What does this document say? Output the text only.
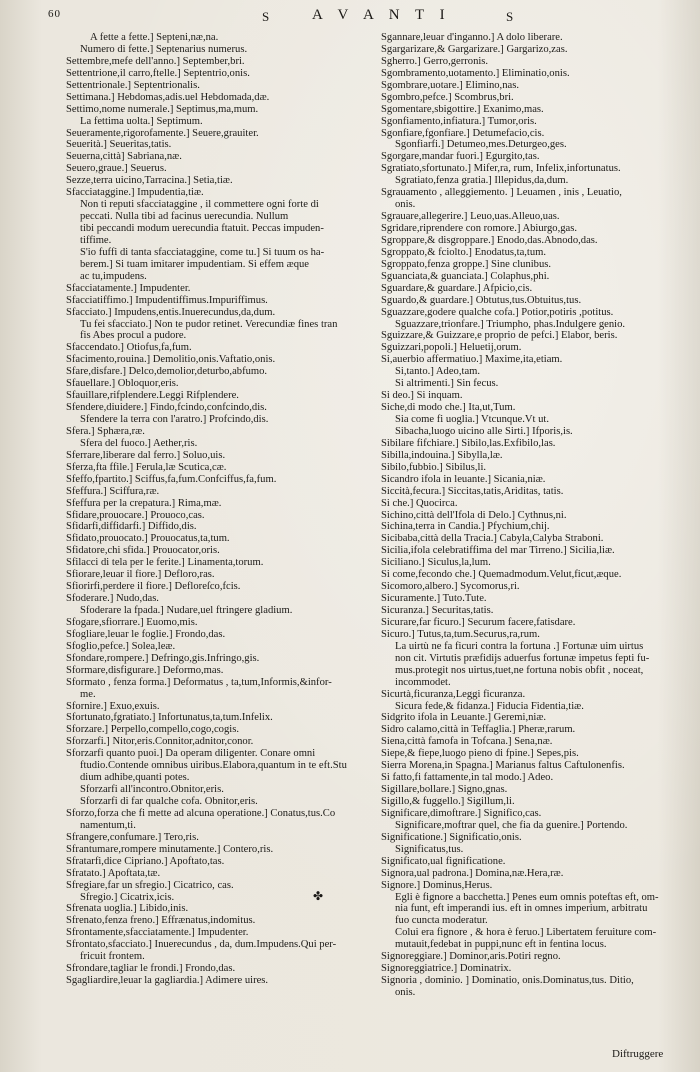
60	S	A V A N T I	S
A fette a fette.] Septeni,næ,na.
Numero di fette.] Septenarius numerus.
Settembre,mefe dell'anno.] September,bri.
Settentrione,il carro,ftelle.] Septentrio,onis.
Settentrionale.] Septentrionalis.
Settimana.] Hebdomas,adis.uel Hebdomada,dæ.
Settimo,nome numerale.] Septimus,ma,mum.
La fettima uolta.] Septimum.
Seueramente,rigorofamente.] Seuere,grauiter.
Seuerità.] Seueritas,tatis.
Seuerna,città] Sabriana,næ.
Seuero,graue.] Seuerus.
Sezze,terra uicino,Tarracina.] Setia,tiæ.
Sfacciataggine.] Impudentia,tiæ.
Non ti reputi sfacciataggine , il commettere ogni forte di
peccati. Nulla tibi ad facinus uerecundia. Nullum
tibi peccandi modum uerecundia ftatuit. Peccas impuden-
tiffime.
S'io fuffi di tanta sfacciataggine, come tu.] Si tuum os ha-
berem.] Si tuam imitarer impudentiam. Si effem æque
ac tu,impudens.
Sfacciatamente.] Impudenter.
Sfacciatiffimo.] Impudentiffimus.Impuriffimus.
Sfacciato.] Impudens,entis.Inuerecundus,da,dum.
Tu fei sfacciato.] Non te pudor retinet. Verecundiæ fines tran
fis Abes procul a pudore.
Sfaccendato.] Otiofus,fa,fum.
Sfacimento,rouina.] Demolitio,onis.Vaftatio,onis.
Sfare,disfare.] Delco,demolior,deturbo,abfumo.
Sfauellare.] Obloquor,eris.
Sfauillare,rifplendere.Leggi Rifplendere.
Sfendere,diuidere.] Findo,fcindo,confcindo,dis.
Sfendere la terra con l'aratro.] Profcindo,dis.
Sfera.] Sphæra,ræ.
Sfera del fuoco.] Aether,ris.
Sferrare,liberare dal ferro.] Soluo,uis.
Sferza,fta ffile.] Ferula,læ Scutica,cæ.
Sfeffo,fpartito.] Sciffus,fa,fum.Confciffus,fa,fum.
Sfeffura.] Sciffura,ræ.
Sfeffura per la crepatura.] Rima,mæ.
Sfidare,prouocare.] Prouoco,cas.
Sfidarfi,diffidarfi.] Diffido,dis.
Sfidato,prouocato.] Prouocatus,ta,tum.
Sfidatore,chi sfida.] Prouocator,oris.
Sfilacci di tela per le ferite.] Linamenta,torum.
Sfiorare,leuar il fiore.] Defloro,ras.
Sfiorirfi,perdere il fiore.] Defloreſco,fcis.
Sfoderare.] Nudo,das.
Sfoderare la fpada.] Nudare,uel ftringere gladium.
Sfogare,sfiorrare.] Euomo,mis.
Sfogliare,leuar le foglie.] Frondo,das.
Sfoglio,pefce.] Solea,leæ.
Sfondare,rompere.] Defringo,gis.Infringo,gis.
Sformare,disfigurare.] Deformo,mas.
Sformato , fenza forma.] Deformatus , ta,tum,Informis,&infor-
me.
Sfornire.] Exuo,exuis.
Sfortunato,fgratiato.] Infortunatus,ta,tum.Infelix.
Sforzare.] Perpello,compello,cogo,cogis.
Sforzarfi.] Nitor,eris.Connitor,adnitor,conor.
Sforzarfi quanto puoi.] Da operam diligenter. Conare omni
ftudio.Contende omnibus uiribus.Elabora,quantum in te eft.Stu
dium adhibe,quanti potes.
Sforzarfi all'incontro.Obnitor,eris.
Sforzarfi di far qualche cofa. Obnitor,eris.
Sforzo,forza che fi mette ad alcuna operatione.] Conatus,tus.Co
namentum,ti.
Sfrangere,confumare.] Tero,ris.
Sfrantumare,rompere minutamente.] Contero,ris.
Sfratarfi,dice Cipriano.] Apoftato,tas.
Sfratato.] Apoftata,tæ.
Sfregiare,far un sfregio.] Cicatrico, cas.
Sfregio.] Cicatrix,icis.
Sfrenata uoglia.] Libido,inis.
Sfrenato,fenza freno.] Effrænatus,indomitus.
Sfrontamente,sfacciatamente.] Impudenter.
Sfrontato,sfacciato.] Inuerecundus , da, dum.Impudens.Qui per-
fricuit frontem.
Sfrondare,tagliar le frondi.] Frondo,das.
Sgagliardire,leuar la gagliardia.] Adimere uires.
Sgannare,leuar d'inganno.] A dolo liberare.
Sgargarizare,& Gargarizare.] Gargarizo,zas.
Sgherro.] Gerro,gerronis.
Sgombramento,uotamento.] Eliminatio,onis.
Sgombrare,uotare.] Elimino,nas.
Sgombro,pefce.] Scombrus,bri.
Sgomentare,sbigottire.] Exanimo,mas.
Sgonfiamento,infiatura.] Tumor,oris.
Sgonfiare,fgonfiare.] Detumefacio,cis.
Sgonfiarfi.] Detumeo,mes.Deturgeo,ges.
Sgorgare,mandar fuori.] Egurgito,tas.
Sgratiato,sfortunato.] Mifer,ra, rum, Infelix,infortunatus.
Sgratiato,fenza gratia.] Illepidus,da,dum.
Sgrauamento , alleggiemento. ] Leuamen , inis , Leuatio,
onis.
Sgrauare,allegerire.] Leuo,uas.Alleuo,uas.
Sgridare,riprendere con romore.] Abiurgo,gas.
Sgroppare,& disgroppare.] Enodo,das.Abnodo,das.
Sgroppato,& fciolto.] Enodatus,ta,tum.
Sgroppato,fenza groppe.] Sine clunibus.
Sguanciata,& guanciata.] Colaphus,phi.
Sguardare,& guardare.] Afpicio,cis.
Sguardo,& guardare.] Obtutus,tus.Obtuitus,tus.
Sguazzare,godere qualche cofa.] Potior,potiris ,potitus.
Sguazzare,trionfare.] Triumpho, phas.Indulgere genio.
Sguizzare,& Guizzare,e proprio de pefci.] Elabor, beris.
Sguizzari,popoli.] Heluetij,orum.
Si,auerbio affermatiuo.] Maxime,ita,etiam.
Si,tanto.] Adeo,tam.
Si altrimenti.] Sin fecus.
Si deo.] Si inquam.
Siche,di modo che.] Ita,ut,Tum.
Sia come fi uoglia.] Vtcunque.Vt ut.
Sibacha,luogo uicino alle Sirti.] Ifporis,is.
Sibilare fifchiare.] Sibilo,las.Exfibilo,las.
Sibilla,indouina.] Sibylla,læ.
Sibilo,fubbio.] Sibilus,li.
Sicandro ifola in leuante.] Sicania,niæ.
Siccità,fecura.] Siccitas,tatis,Ariditas, tatis.
Si che.] Quocirca.
Sichino,città dell'Ifola di Delo.] Cythnus,ni.
Sichina,terra in Candia.] Pfychium,chij.
Sicibaba,città della Tracia.] Cabyla,Calyba Straboni.
Sicilia,ifola celebratiffima del mar Tirreno.] Sicilia,liæ.
Siciliano.] Siculus,la,lum.
Si come,fecondo che.] Quemadmodum.Velut,ficut,æque.
Sicomoro,albero.] Sycomorus,ri.
Sicuramente.] Tuto.Tute.
Sicuranza.] Securitas,tatis.
Sicurare,far ficuro.] Securum facere,fatisdare.
Sicuro.] Tutus,ta,tum.Securus,ra,rum.
La uirtù ne fa ficuri contra la fortuna .] Fortunæ uim uirtus
non cit. Virtutis præfidijs aduerfus fortunæ impetus fepti fu-
mus.protegit nos uirtus,tuet,ne fortuna nobis obfit , noceat,
incommodet.
Sicurtà,ficuranza,Leggi ficuranza.
Sicura fede,& fidanza.] Fiducia Fidentia,tiæ.
Sidgrito ifola in Leuante.] Geremi,niæ.
Sidro calamo,città in Teffaglia.] Pheræ,rarum.
Siena,città famofa in Tofcana.] Sena,næ.
Siepe,& fiepe,luogo pieno di fpine.] Sepes,pis.
Sierra Morena,in Spagna.] Marianus faltus Caftulonenfis.
Si fatto,fi fattamente,in tal modo.] Adeo.
Sigillare,bollare.] Signo,gnas.
Sigillo,& fuggello.] Sigillum,li.
Significare,dimoftrare.] Significo,cas.
Significare,moftrar quel, che fia da guenire.] Portendo.
Significatione.] Significatio,onis.
Significatus,tus.
Significato,ual fignificatione.
Signora,ual padrona.] Domina,næ.Hera,ræ.
Signore.] Dominus,Herus.
Egli è fignore a bacchetta.] Penes eum omnis poteftas eft, om-
nia funt, eft imperandi ius. eft in omnes imperium, arbitratu
fuo cuncta moderatur.
Colui era fignore , & hora è feruo.] Libertatem feruiture com-
mutauit,fedebat in puppi,nunc eft in fentina locus.
Signoreggiare.] Dominor,aris.Potiri regno.
Signoreggiatrice.] Dominatrix.
Signoria , dominio. ] Dominatio, onis.Dominatus,tus. Ditio,
onis.
✤
Diftruggere
